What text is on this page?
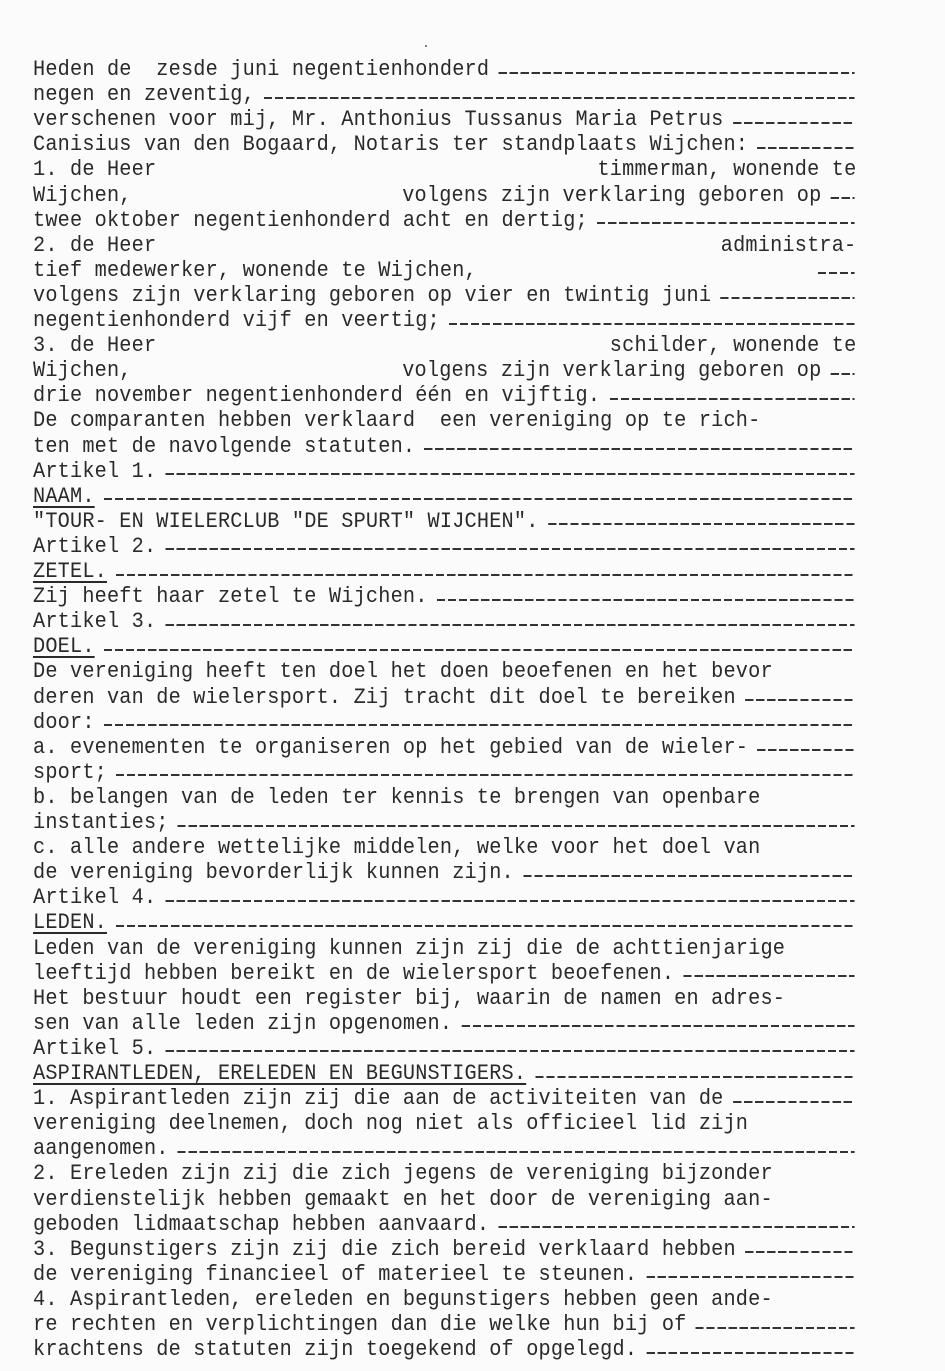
Heden de  zesde juni negentienhonderd
negen en zeventig,
verschenen voor mij, Mr. Anthonius Tussanus Maria Petrus
Canisius van den Bogaard, Notaris ter standplaats Wijchen:
1. de Heer	timmerman, wonende te
Wijchen,	volgens zijn verklaring geboren op
twee oktober negentienhonderd acht en dertig;
2. de Heer	administra-
tief medewerker, wonende te Wijchen,
volgens zijn verklaring geboren op vier en twintig juni
negentienhonderd vijf en veertig;
3. de Heer	schilder, wonende te
Wijchen,	volgens zijn verklaring geboren op
drie november negentienhonderd één en vijftig.
De comparanten hebben verklaard  een vereniging op te rich-
ten met de navolgende statuten.
Artikel 1.
NAAM.
"TOUR- EN WIELERCLUB "DE SPURT" WIJCHEN".
Artikel 2.
ZETEL.
Zij heeft haar zetel te Wijchen.
Artikel 3.
DOEL.
De vereniging heeft ten doel het doen beoefenen en het bevor
deren van de wielersport. Zij tracht dit doel te bereiken
door:
a. evenementen te organiseren op het gebied van de wieler-
sport;
b. belangen van de leden ter kennis te brengen van openbare
instanties;
c. alle andere wettelijke middelen, welke voor het doel van
de vereniging bevorderlijk kunnen zijn.
Artikel 4.
LEDEN.
Leden van de vereniging kunnen zijn zij die de achttienjarige
leeftijd hebben bereikt en de wielersport beoefenen.
Het bestuur houdt een register bij, waarin de namen en adres-
sen van alle leden zijn opgenomen.
Artikel 5.
ASPIRANTLEDEN, ERELEDEN EN BEGUNSTIGERS.
1. Aspirantleden zijn zij die aan de activiteiten van de
vereniging deelnemen, doch nog niet als officieel lid zijn
aangenomen.
2. Ereleden zijn zij die zich jegens de vereniging bijzonder
verdienstelijk hebben gemaakt en het door de vereniging aan-
geboden lidmaatschap hebben aanvaard.
3. Begunstigers zijn zij die zich bereid verklaard hebben
de vereniging financieel of materieel te steunen.
4. Aspirantleden, ereleden en begunstigers hebben geen ande-
re rechten en verplichtingen dan die welke hun bij of
krachtens de statuten zijn toegekend of opgelegd.
